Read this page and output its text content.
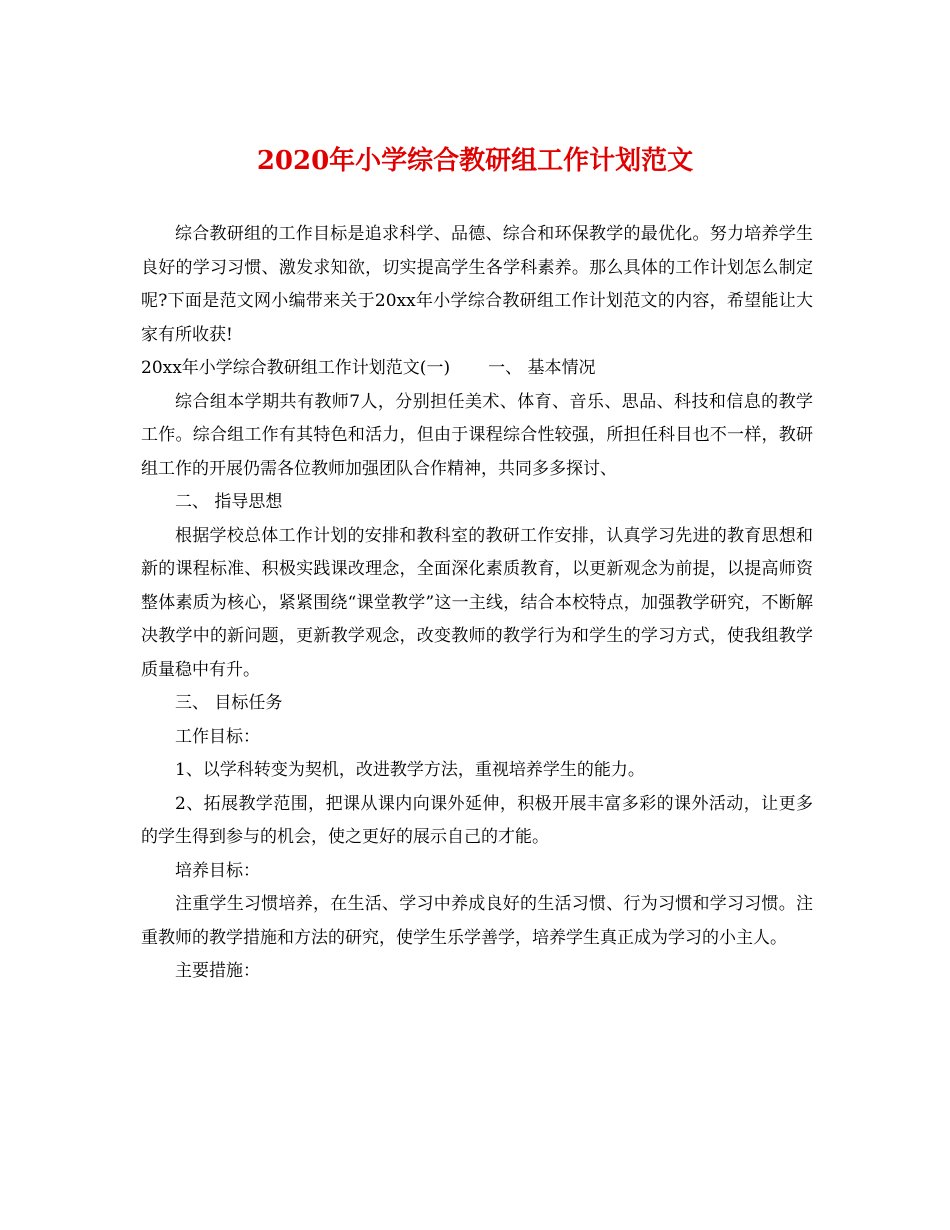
2020年小学综合教研组工作计划范文

综合教研组的工作目标是追求科学、品德、综合和环保教学的最优化。努力培养学生良好的学习习惯、激发求知欲，切实提高学生各学科素养。那么具体的工作计划怎么制定呢?下面是范文网小编带来关于20xx年小学综合教研组工作计划范文的内容，希望能让大家有所收获!

20xx年小学综合教研组工作计划范文(一) 一、 基本情况

综合组本学期共有教师7人，分别担任美术、体育、音乐、思品、科技和信息的教学工作。综合组工作有其特色和活力，但由于课程综合性较强，所担任科目也不一样，教研组工作的开展仍需各位教师加强团队合作精神，共同多多探讨、

二、 指导思想

根据学校总体工作计划的安排和教科室的教研工作安排，认真学习先进的教育思想和新的课程标准、积极实践课改理念，全面深化素质教育，以更新观念为前提，以提高师资整体素质为核心，紧紧围绕“课堂教学”这一主线，结合本校特点，加强教学研究，不断解决教学中的新问题，更新教学观念，改变教师的教学行为和学生的学习方式，使我组教学质量稳中有升。

三、 目标任务

工作目标：

1、以学科转变为契机，改进教学方法，重视培养学生的能力。

2、拓展教学范围，把课从课内向课外延伸，积极开展丰富多彩的课外活动，让更多的学生得到参与的机会，使之更好的展示自己的才能。

培养目标：

注重学生习惯培养，在生活、学习中养成良好的生活习惯、行为习惯和学习习惯。注重教师的教学措施和方法的研究，使学生乐学善学，培养学生真正成为学习的小主人。

主要措施：
